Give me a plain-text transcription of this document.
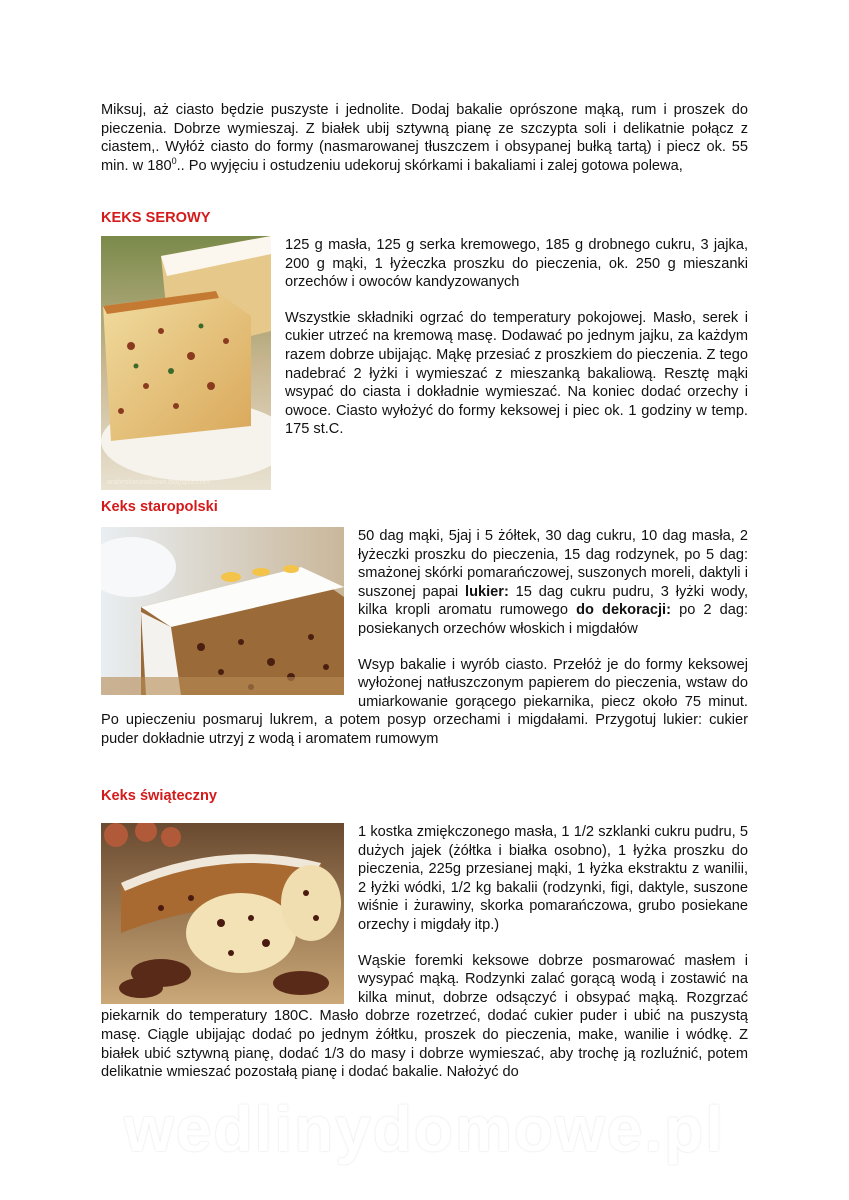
Miksuj, aż ciasto będzie puszyste i jednolite. Dodaj bakalie oprószone mąką, rum i proszek do pieczenia. Dobrze wymieszaj. Z białek ubij sztywną pianę ze szczypta soli i delikatnie połącz z ciastem,. Wyłóż ciasto do formy (nasmarowanej tłuszczem i obsypanej bułką tartą) i piecz ok. 55 min. w $180^0$.. Po wyjęciu i ostudzeniu udekoruj skórkami i bakaliami i zalej gotowa polewa,

KEKS SEROWY
arabeskarandkowa.blogspot.com

125 g masła, 125 g serka kremowego, 185 g drobnego cukru, 3 jajka, 200 g mąki, 1 łyżeczka proszku do pieczenia, ok. 250 g mieszanki orzechów i owoców kandyzowanych

Wszystkie składniki ogrzać do temperatury pokojowej. Masło, serek i cukier utrzeć na kremową masę. Dodawać po jednym jajku, za każdym razem dobrze ubijając. Mąkę przesiać z proszkiem do pieczenia. Z tego nadebrać 2 łyżki i wymieszać z mieszanką bakaliową. Resztę mąki wsypać do ciasta i dokładnie wymieszać. Na koniec dodać orzechy i owoce. Ciasto wyłożyć do formy keksowej i piec ok. 1 godziny w temp. 175 st.C.

Keks staropolski

50 dag mąki, 5jaj i 5 żółtek, 30 dag cukru, 10 dag masła, 2 łyżeczki proszku do pieczenia, 15 dag rodzynek, po 5 dag: smażonej skórki pomarańczowej, suszonych moreli, daktyli i suszonej papai lukier: 15 dag cukru pudru, 3 łyżki wody, kilka kropli aromatu rumowego do dekoracji: po 2 dag: posiekanych orzechów włoskich i migdałów

Wsyp bakalie i wyrób ciasto. Przełóż je do formy keksowej wyłożonej natłuszczonym papierem do pieczenia, wstaw do umiarkowanie gorącego piekarnika, piecz około 75 minut. Po upieczeniu posmaruj lukrem, a potem posyp orzechami i migdałami. Przygotuj lukier: cukier puder dokładnie utrzyj z wodą i aromatem rumowym

Keks świąteczny

1 kostka zmiękczonego masła, 1 1/2 szklanki cukru pudru, 5 dużych jajek (żółtka i białka osobno), 1 łyżka proszku do pieczenia, 225g przesianej mąki, 1 łyżka ekstraktu z wanilii, 2 łyżki wódki, 1/2 kg bakalii (rodzynki, figi, daktyle, suszone wiśnie i żurawiny, skorka pomarańczowa, grubo posiekane orzechy i migdały itp.)

Wąskie foremki keksowe dobrze posmarować masłem i wysypać mąką. Rodzynki zalać gorącą wodą i zostawić na kilka minut, dobrze odsączyć i obsypać mąką. Rozgrzać piekarnik do temperatury 180C. Masło dobrze rozetrzeć, dodać cukier puder i ubić na puszystą masę. Ciągle ubijając dodać po jednym żółtku, proszek do pieczenia, make, wanilie i wódkę. Z białek ubić sztywną pianę, dodać 1/3 do masy i dobrze wymieszać, aby trochę ją rozluźnić, potem delikatnie wmieszać pozostałą pianę i dodać bakalie. Nałożyć do

wedlinydomowe.pl
